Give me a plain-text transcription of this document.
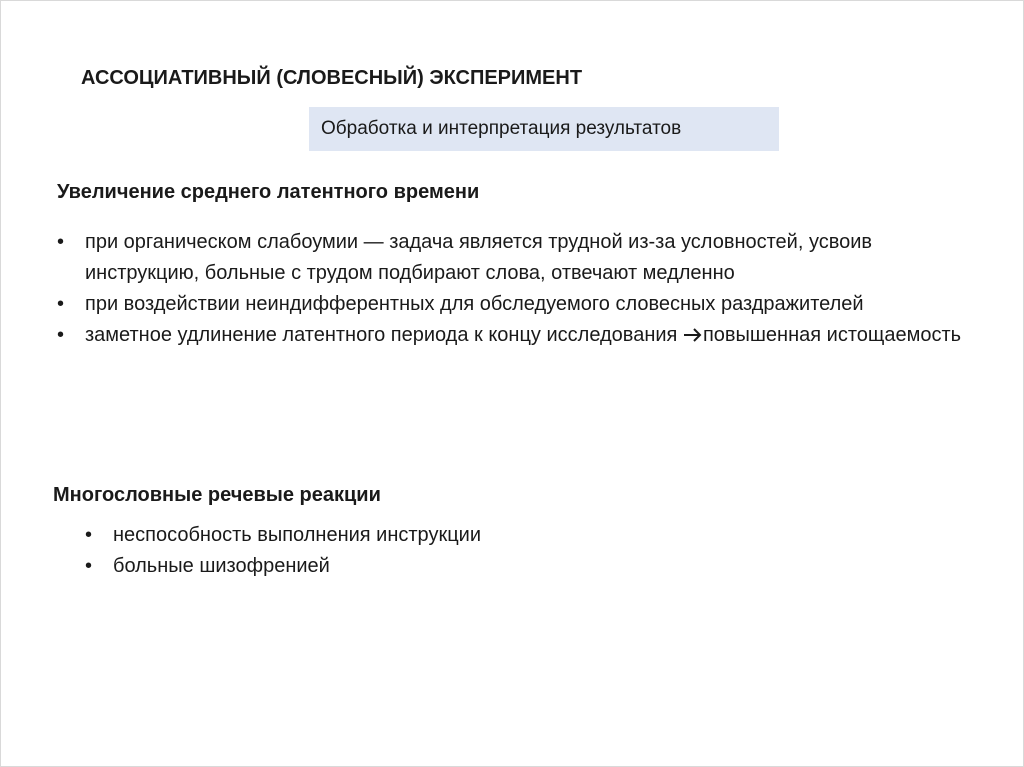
АССОЦИАТИВНЫЙ (СЛОВЕСНЫЙ) ЭКСПЕРИМЕНТ
Обработка и интерпретация результатов
Увеличение среднего латентного времени
• при органическом слабоумии — задача является трудной из-за условностей, усвоив инструкцию, больные с трудом подбирают слова, отвечают медленно
• при воздействии неиндифферентных для обследуемого словесных раздражителей
• заметное удлинение латентного периода к концу исследования повышенная истощаемость
Многословные речевые реакции
• неспособность выполнения инструкции
• больные шизофренией
